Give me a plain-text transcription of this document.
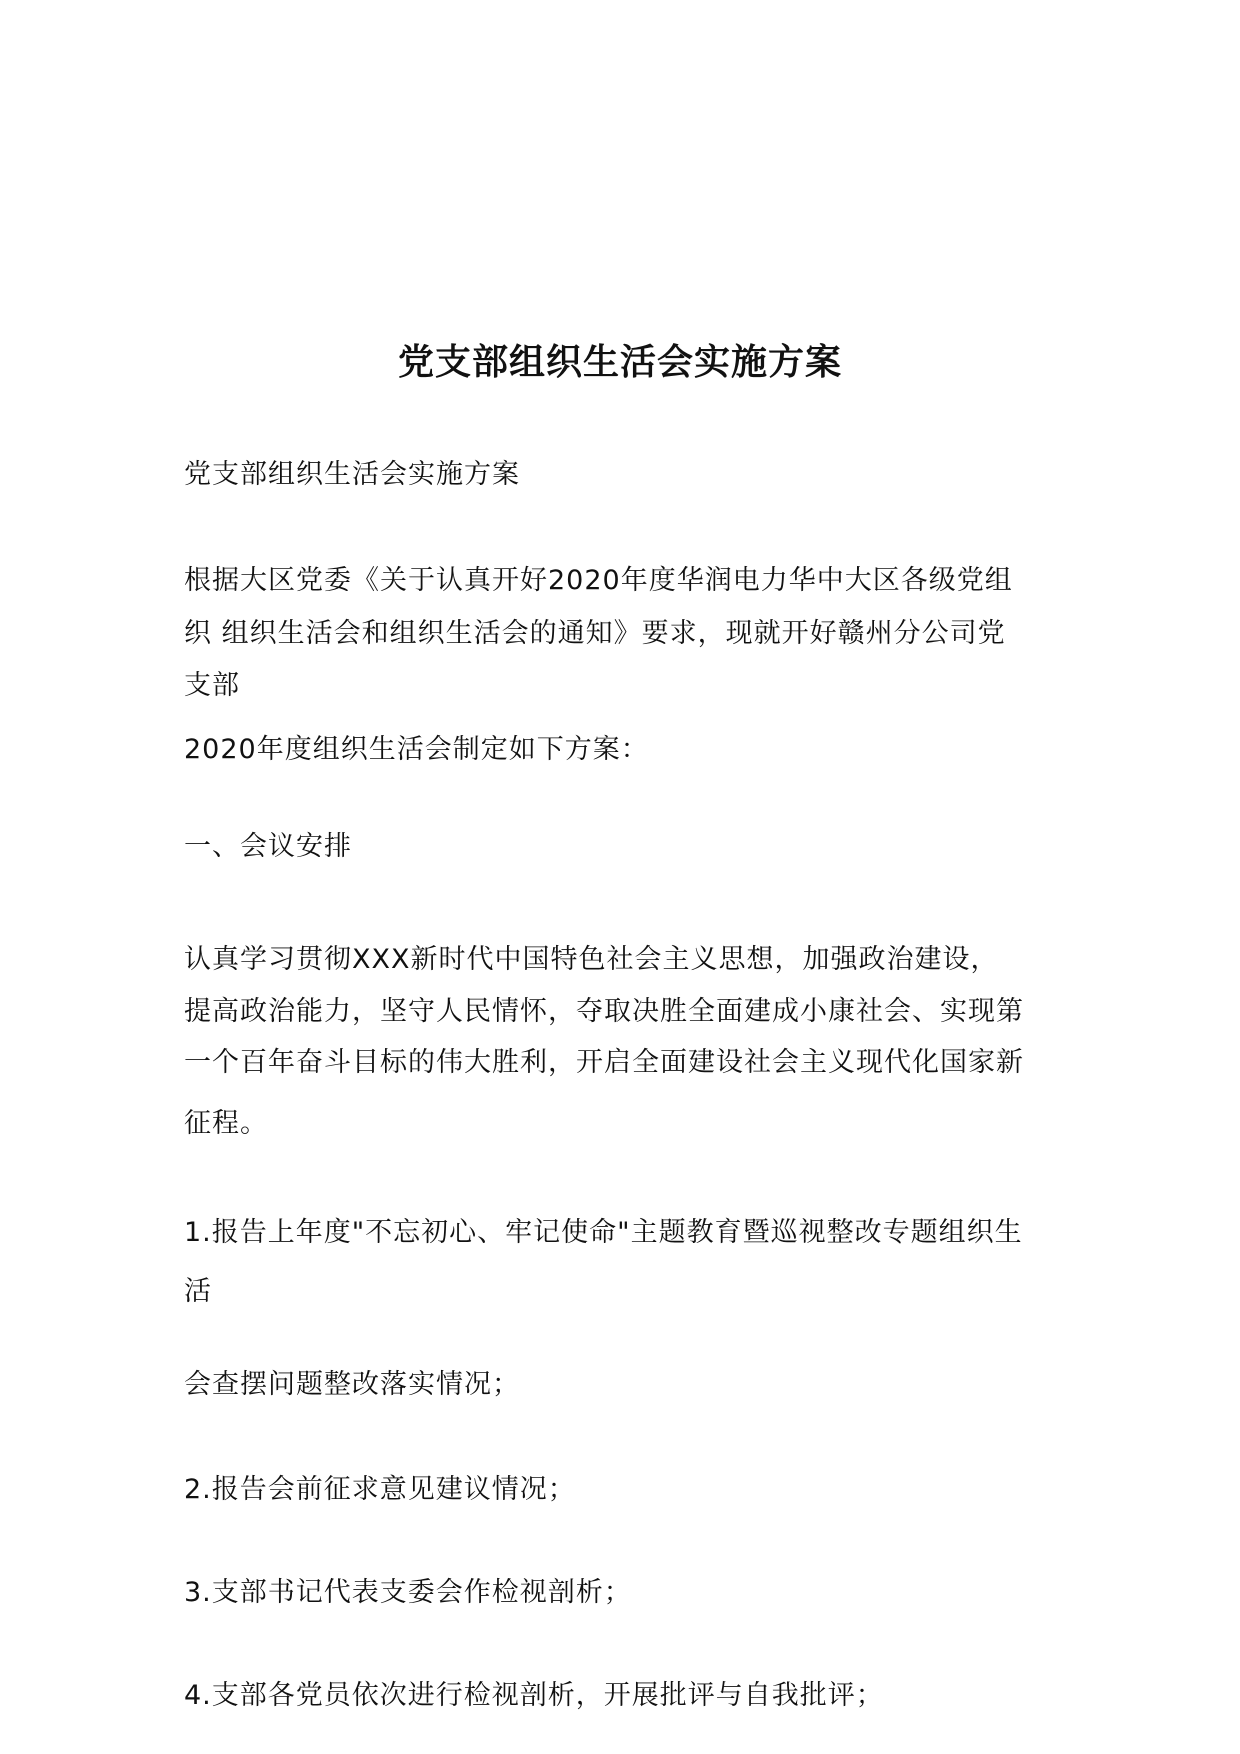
党支部组织生活会实施方案

党支部组织生活会实施方案

根据大区党委《关于认真开好2020年度华润电力华中大区各级党组

织 组织生活会和组织生活会的通知》要求，现就开好赣州分公司党

支部

2020年度组织生活会制定如下方案：

一、会议安排

认真学习贯彻XXX新时代中国特色社会主义思想，加强政治建设，

提高政治能力，坚守人民情怀，夺取决胜全面建成小康社会、实现第

一个百年奋斗目标的伟大胜利，开启全面建设社会主义现代化国家新

征程。

1.报告上年度"不忘初心、牢记使命"主题教育暨巡视整改专题组织生

活

会查摆问题整改落实情况；

2.报告会前征求意见建议情况；

3.支部书记代表支委会作检视剖析；

4.支部各党员依次进行检视剖析，开展批评与自我批评；
